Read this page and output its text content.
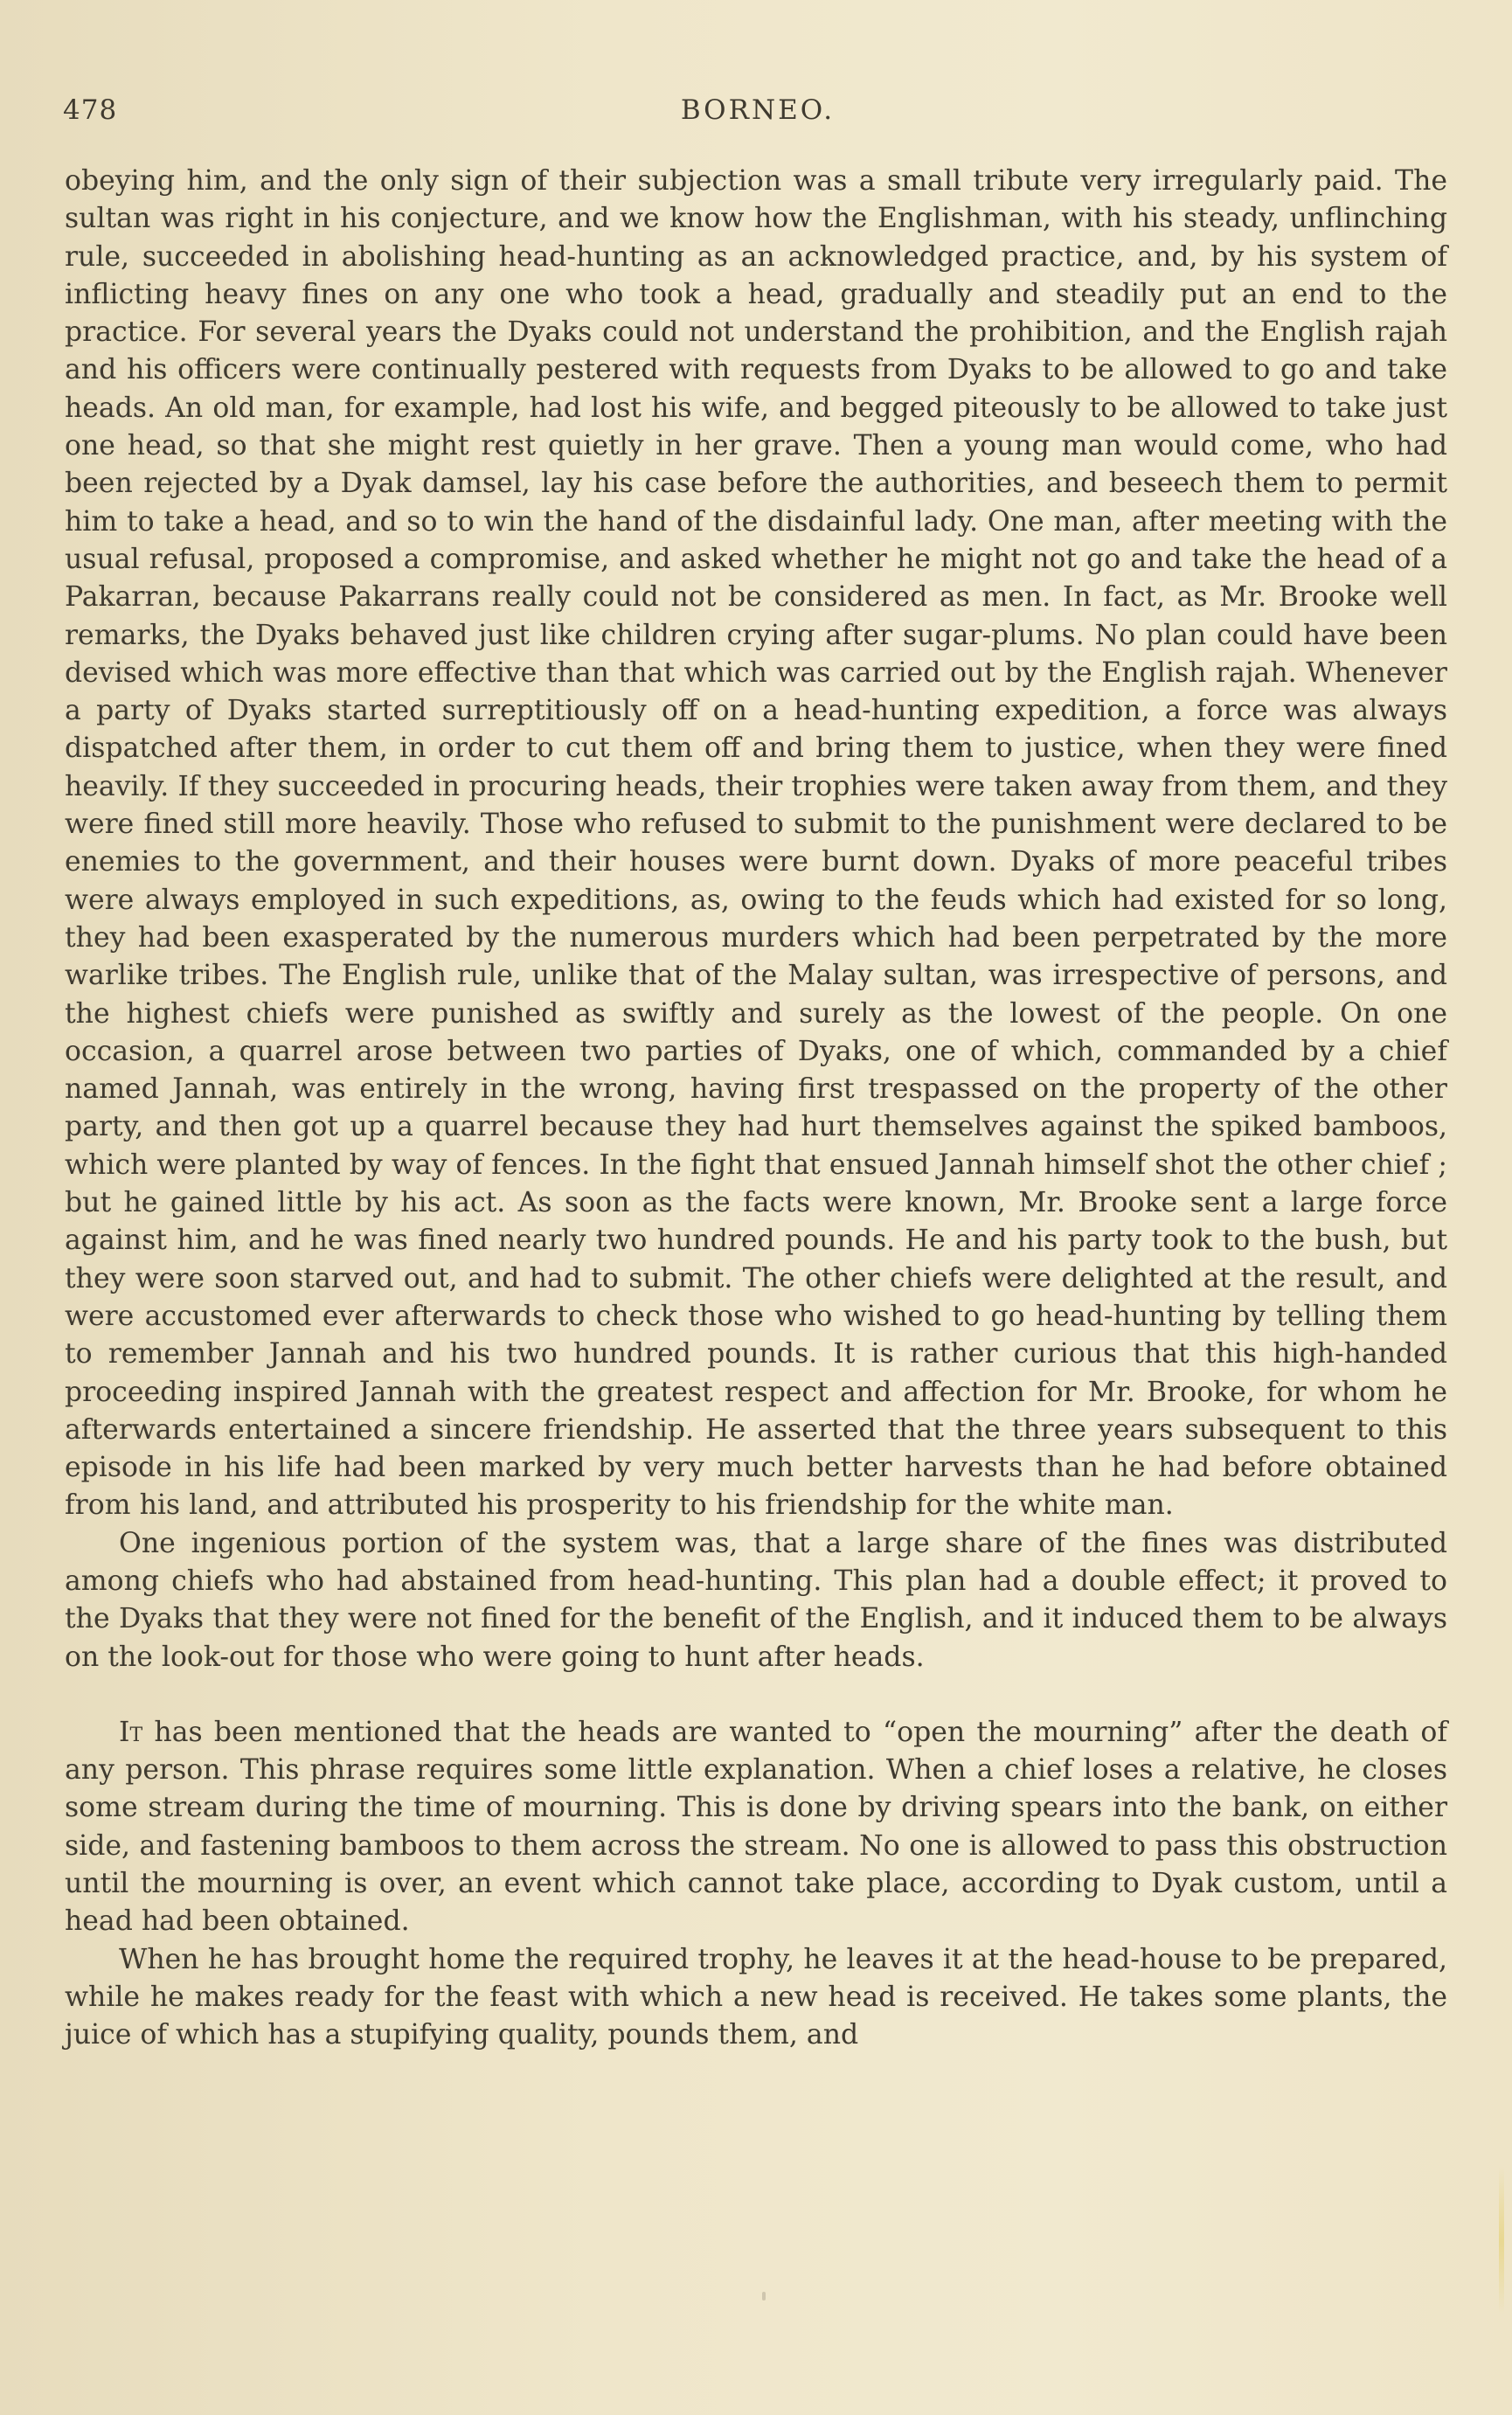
478	BORNEO.

obeying him, and the only sign of their subjection was a small tribute very irregularly paid. The sultan was right in his conjecture, and we know how the Englishman, with his steady, unflinching rule, succeeded in abolishing head-hunting as an acknowledged practice, and, by his system of inflicting heavy fines on any one who took a head, gradually and steadily put an end to the practice. For several years the Dyaks could not understand the prohibition, and the English rajah and his officers were continually pestered with requests from Dyaks to be allowed to go and take heads. An old man, for example, had lost his wife, and begged piteously to be allowed to take just one head, so that she might rest quietly in her grave. Then a young man would come, who had been rejected by a Dyak damsel, lay his case before the authorities, and beseech them to permit him to take a head, and so to win the hand of the disdainful lady. One man, after meeting with the usual refusal, proposed a compromise, and asked whether he might not go and take the head of a Pakarran, because Pakarrans really could not be considered as men. In fact, as Mr. Brooke well remarks, the Dyaks behaved just like children crying after sugar-plums. No plan could have been devised which was more effective than that which was carried out by the English rajah. Whenever a party of Dyaks started surreptitiously off on a head-hunting expedition, a force was always dispatched after them, in order to cut them off and bring them to justice, when they were fined heavily. If they succeeded in procuring heads, their trophies were taken away from them, and they were fined still more heavily. Those who refused to submit to the punishment were declared to be enemies to the government, and their houses were burnt down. Dyaks of more peaceful tribes were always employed in such expeditions, as, owing to the feuds which had existed for so long, they had been exasperated by the numerous murders which had been perpetrated by the more warlike tribes. The English rule, unlike that of the Malay sultan, was irrespective of persons, and the highest chiefs were punished as swiftly and surely as the lowest of the people. On one occasion, a quarrel arose between two parties of Dyaks, one of which, commanded by a chief named Jannah, was entirely in the wrong, having first trespassed on the property of the other party, and then got up a quarrel because they had hurt themselves against the spiked bamboos, which were planted by way of fences. In the fight that ensued Jannah himself shot the other chief ; but he gained little by his act. As soon as the facts were known, Mr. Brooke sent a large force against him, and he was fined nearly two hundred pounds. He and his party took to the bush, but they were soon starved out, and had to submit. The other chiefs were delighted at the result, and were accustomed ever afterwards to check those who wished to go head-hunting by telling them to remember Jannah and his two hundred pounds. It is rather curious that this high-handed proceeding inspired Jannah with the greatest respect and affection for Mr. Brooke, for whom he afterwards entertained a sincere friendship. He asserted that the three years subsequent to this episode in his life had been marked by very much better harvests than he had before obtained from his land, and attributed his prosperity to his friendship for the white man.

One ingenious portion of the system was, that a large share of the fines was distributed among chiefs who had abstained from head-hunting. This plan had a double effect; it proved to the Dyaks that they were not fined for the benefit of the English, and it induced them to be always on the look-out for those who were going to hunt after heads.

It has been mentioned that the heads are wanted to “open the mourning” after the death of any person. This phrase requires some little explanation. When a chief loses a relative, he closes some stream during the time of mourning. This is done by driving spears into the bank, on either side, and fastening bamboos to them across the stream. No one is allowed to pass this obstruction until the mourning is over, an event which cannot take place, according to Dyak custom, until a head had been obtained.

When he has brought home the required trophy, he leaves it at the head-house to be prepared, while he makes ready for the feast with which a new head is received. He takes some plants, the juice of which has a stupifying quality, pounds them, and
